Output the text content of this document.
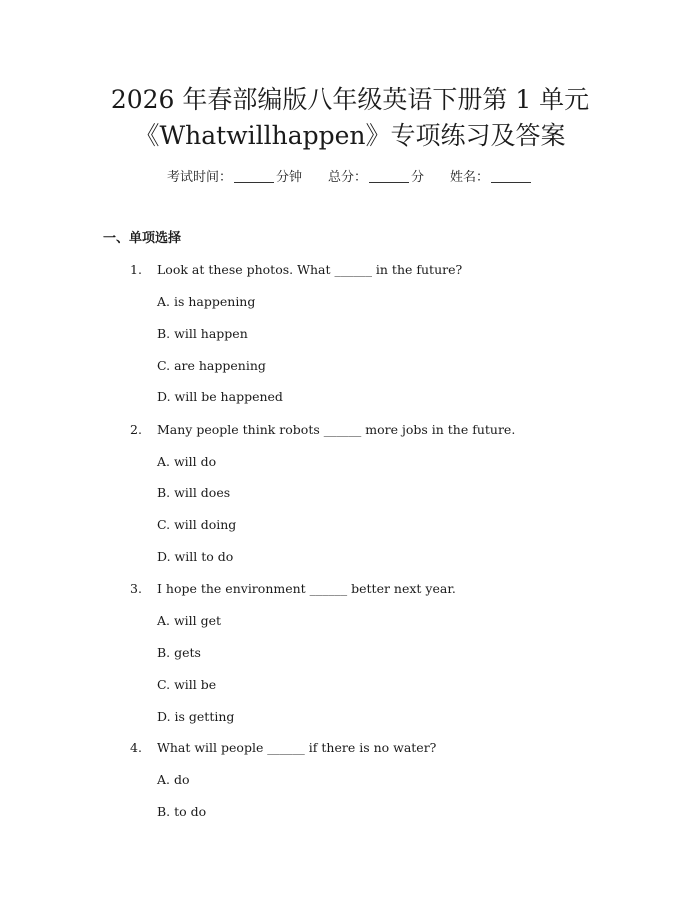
2026 年春部编版八年级英语下册第 1 单元
《Whatwillhappen》专项练习及答案
考试时间：	分钟 总分：	分 姓名：
一、单项选择
1. Look at these photos. What ______ in the future?
A. is happening
B. will happen
C. are happening
D. will be happened
2. Many people think robots ______ more jobs in the future.
A. will do
B. will does
C. will doing
D. will to do
3. I hope the environment ______ better next year.
A. will get
B. gets
C. will be
D. is getting
4. What will people ______ if there is no water?
A. do
B. to do
